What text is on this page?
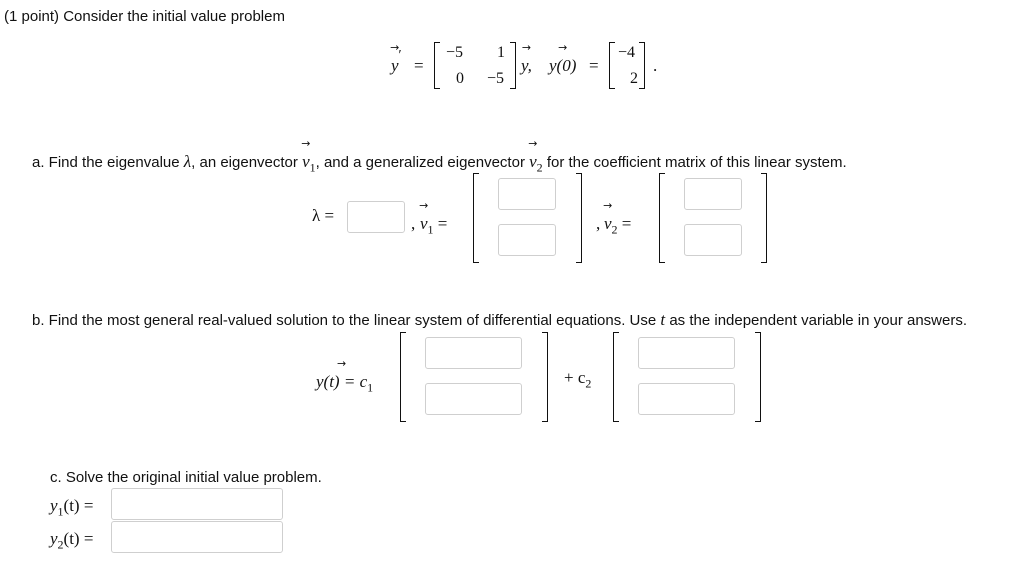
(1 point) Consider the initial value problem
→ y′
=
−5 1
0 −5
→ y, → y(0) =
−4
2
.
a. Find the eigenvalue λ, an eigenvector → $v_1$, and a generalized eigenvector → $v_2$ for the coefficient matrix of this linear system.
λ =	, → $v_1$ =	, → $v_2$ =
b. Find the most general real-valued solution to the linear system of differential equations. Use t as the independent variable in your answers.
→ $y(t) = c_1$
+ $c_2$
c. Solve the original initial value problem.
$y_1(t)$ =
$y_2(t)$ =
